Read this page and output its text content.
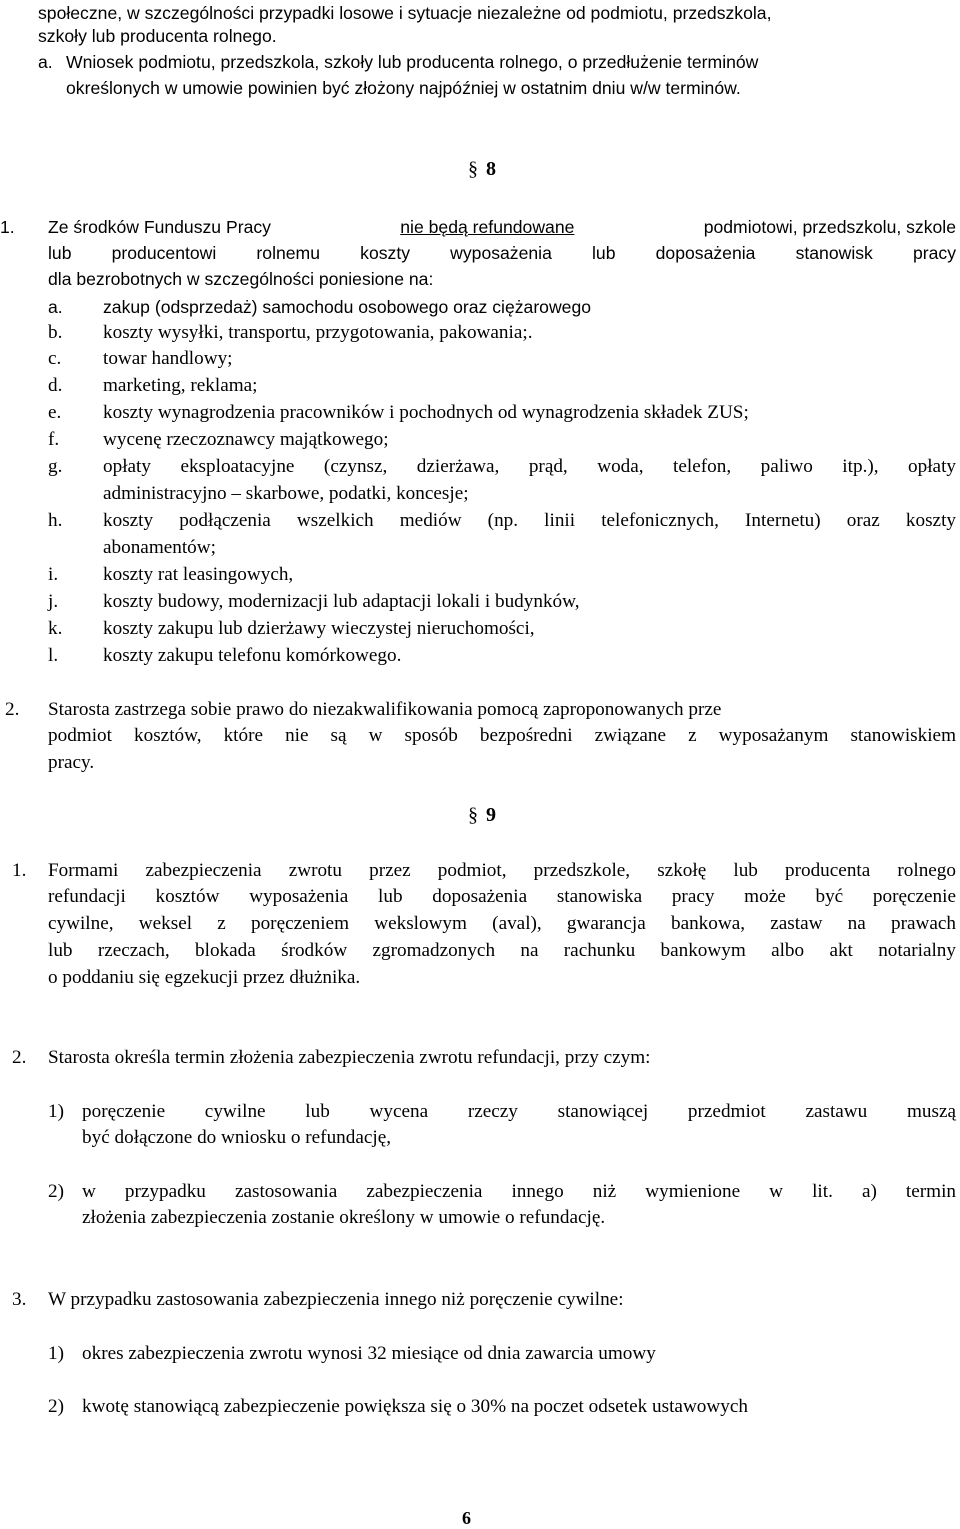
społeczne, w szczególności przypadki losowe i sytuacje niezależne od podmiotu, przedszkola,
szkoły lub producenta rolnego.
a. Wniosek podmiotu, przedszkola, szkoły lub producenta rolnego, o przedłużenie terminów
określonych w umowie powinien być złożony najpóźniej w ostatnim dniu w/w terminów.
§ 8
1. Ze środków Funduszu Pracy	nie będą refundowane	podmiotowi, przedszkolu, szkole
lub producentowi rolnemu koszty wyposażenia lub doposażenia stanowisk pracy
dla bezrobotnych w szczególności poniesione na:
a. zakup (odsprzedaż) samochodu osobowego oraz ciężarowego
b. koszty wysyłki, transportu, przygotowania, pakowania;.
c. towar handlowy;
d. marketing, reklama;
e. koszty wynagrodzenia pracowników i pochodnych od wynagrodzenia składek ZUS;
f. wycenę rzeczoznawcy majątkowego;
g. opłaty eksploatacyjne (czynsz, dzierżawa, prąd, woda, telefon, paliwo itp.), opłaty
administracyjno – skarbowe, podatki, koncesje;
h. koszty podłączenia wszelkich mediów (np. linii telefonicznych, Internetu) oraz koszty
abonamentów;
i. koszty rat leasingowych,
j. koszty budowy, modernizacji lub adaptacji lokali i budynków,
k. koszty zakupu lub dzierżawy wieczystej nieruchomości,
l. koszty zakupu telefonu komórkowego.
2. Starosta zastrzega sobie prawo do niezakwalifikowania pomocą zaproponowanych prze
podmiot kosztów, które nie są w sposób bezpośredni związane z wyposażanym stanowiskiem
pracy.
§ 9
1. Formami zabezpieczenia zwrotu przez podmiot, przedszkole, szkołę lub producenta rolnego
refundacji kosztów wyposażenia lub doposażenia stanowiska pracy może być poręczenie
cywilne, weksel z poręczeniem wekslowym (aval), gwarancja bankowa, zastaw na prawach
lub rzeczach, blokada środków zgromadzonych na rachunku bankowym albo akt notarialny
o poddaniu się egzekucji przez dłużnika.
2. Starosta określa termin złożenia zabezpieczenia zwrotu refundacji, przy czym:
1) poręczenie cywilne lub wycena rzeczy stanowiącej przedmiot zastawu muszą
być dołączone do wniosku o refundację,
2) w przypadku zastosowania zabezpieczenia innego niż wymienione w lit. a) termin
złożenia zabezpieczenia zostanie określony w umowie o refundację.
3. W przypadku zastosowania zabezpieczenia innego niż poręczenie cywilne:
1) okres zabezpieczenia zwrotu wynosi 32 miesiące od dnia zawarcia umowy
2) kwotę stanowiącą zabezpieczenie powiększa się o 30% na poczet odsetek ustawowych
6
